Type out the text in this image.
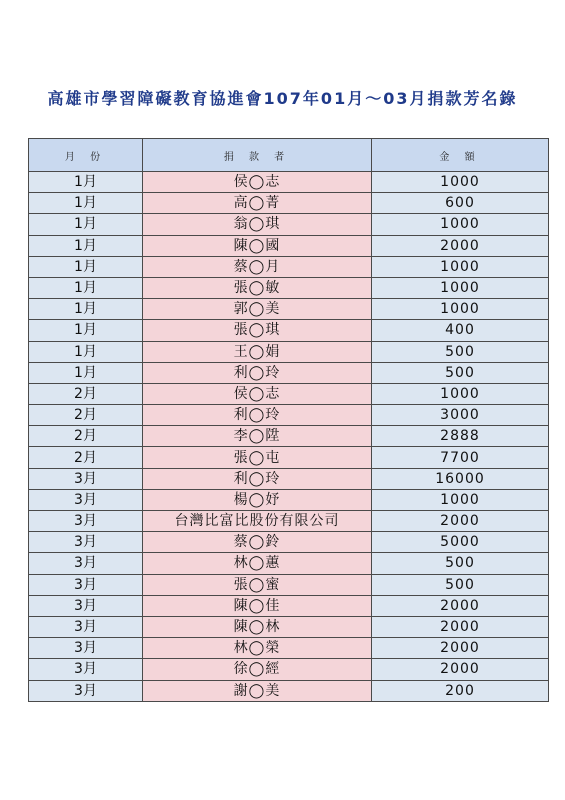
高雄市學習障礙教育協進會107年01月～03月捐款芳名錄
月 份	捐 款 者	金 額
1月	侯◯志	1000
1月	高◯菁	600
1月	翁◯琪	1000
1月	陳◯國	2000
1月	蔡◯月	1000
1月	張◯敏	1000
1月	郭◯美	1000
1月	張◯琪	400
1月	王◯娟	500
1月	利◯玲	500
2月	侯◯志	1000
2月	利◯玲	3000
2月	李◯陞	2888
2月	張◯屯	7700
3月	利◯玲	16000
3月	楊◯妤	1000
3月	台灣比富比股份有限公司	2000
3月	蔡◯鈴	5000
3月	林◯蕙	500
3月	張◯蜜	500
3月	陳◯佳	2000
3月	陳◯林	2000
3月	林◯榮	2000
3月	徐◯經	2000
3月	謝◯美	200
